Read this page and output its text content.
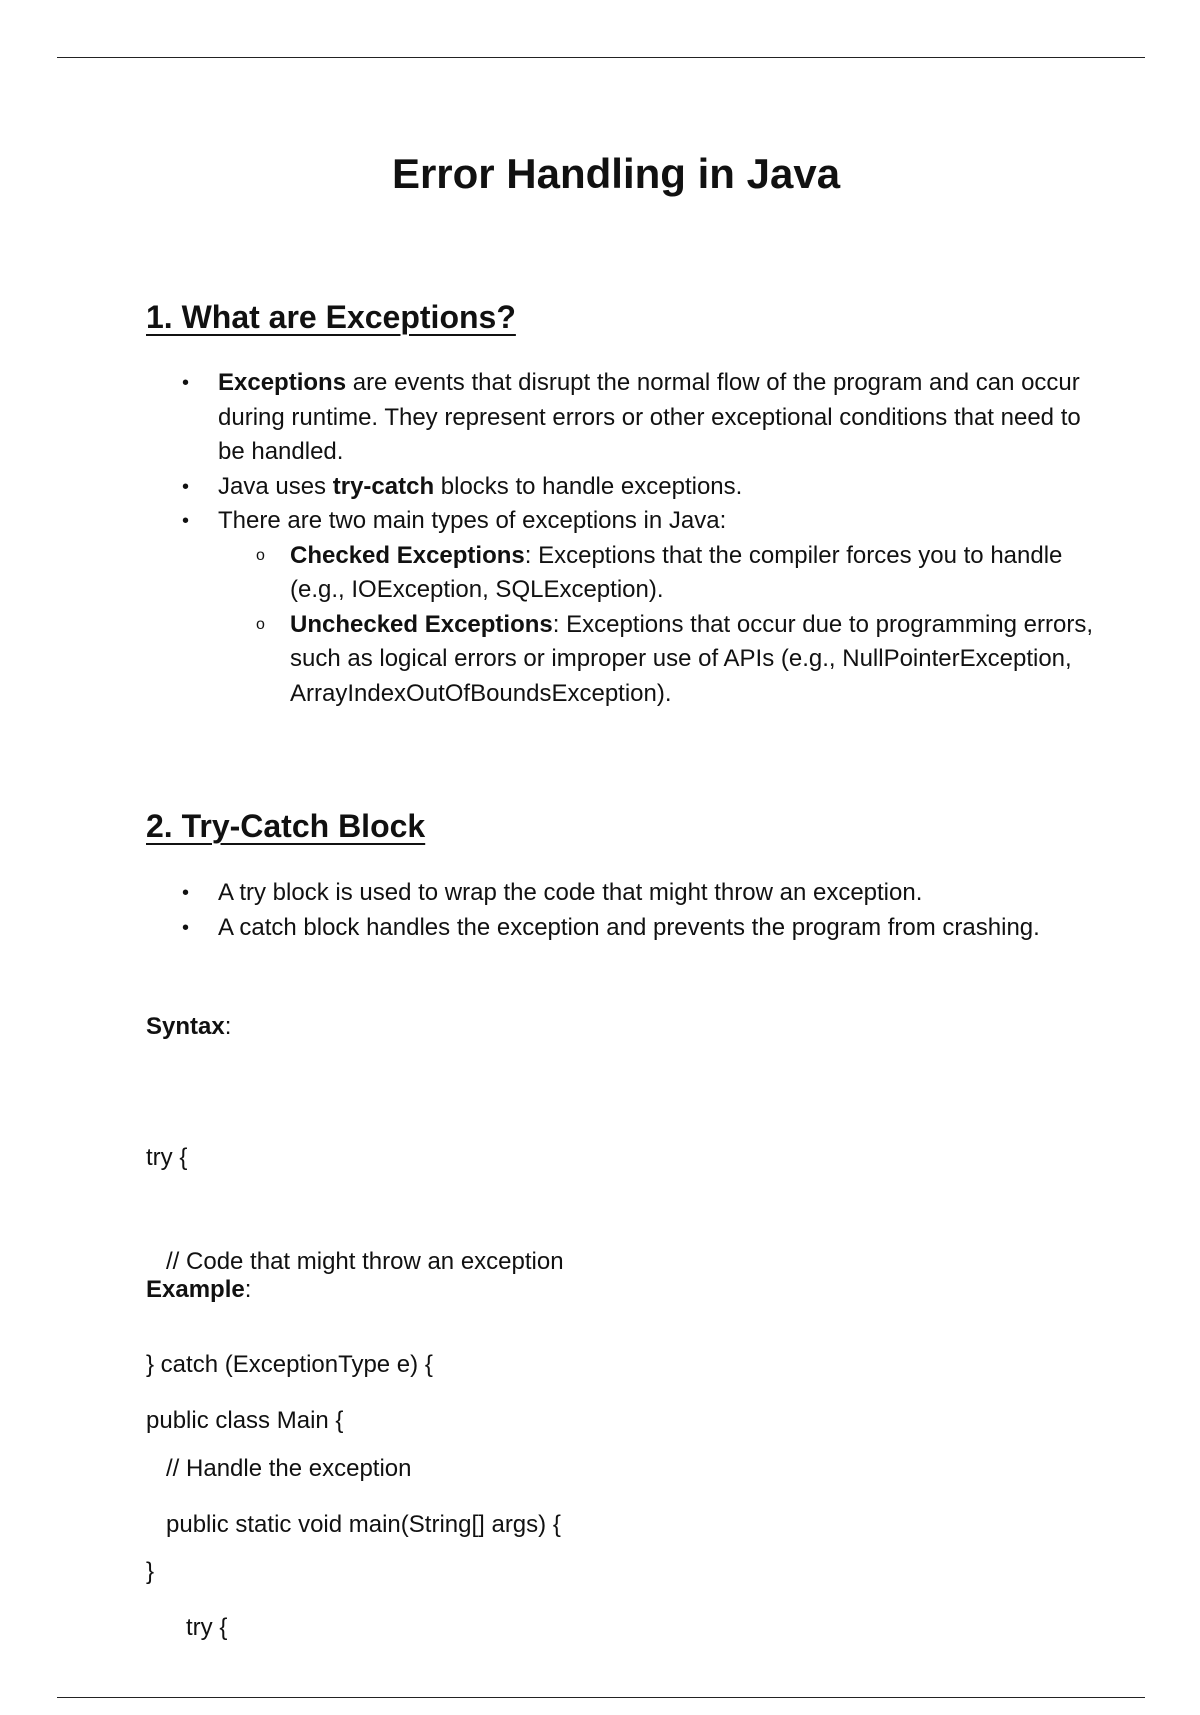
Error Handling in Java
1. What are Exceptions?
• Exceptions are events that disrupt the normal flow of the program and can occur during runtime. They represent errors or other exceptional conditions that need to be handled.
• Java uses try-catch blocks to handle exceptions.
• There are two main types of exceptions in Java:
o Checked Exceptions: Exceptions that the compiler forces you to handle (e.g., IOException, SQLException).
o Unchecked Exceptions: Exceptions that occur due to programming errors, such as logical errors or improper use of APIs (e.g., NullPointerException, ArrayIndexOutOfBoundsException).
2. Try-Catch Block
• A try block is used to wrap the code that might throw an exception.
• A catch block handles the exception and prevents the program from crashing.

Syntax:

try {

// Code that might throw an exception

} catch (ExceptionType e) {

// Handle the exception

}

Example:

public class Main {

public static void main(String[] args) {

try {
